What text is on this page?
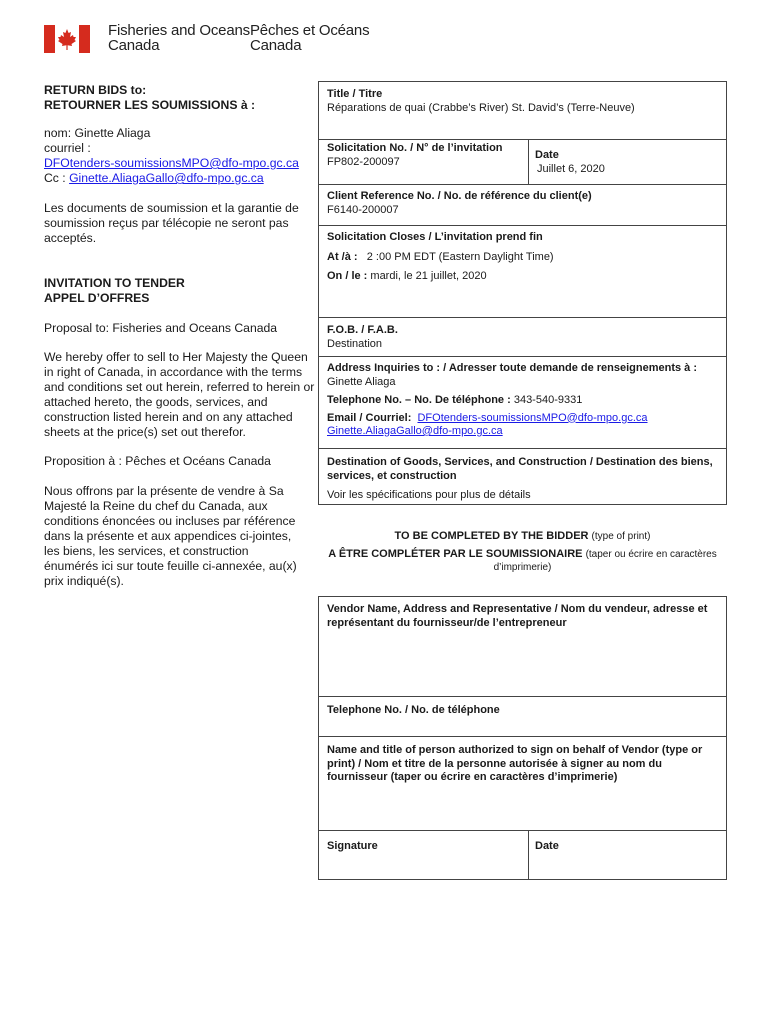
Fisheries and Oceans
Canada
Pêches et Océans
Canada
RETURN BIDS to:
RETOURNER LES SOUMISSIONS à :
nom: Ginette Aliaga
courriel :
DFOtenders-soumissionsMPO@dfo-mpo.gc.ca
Cc : Ginette.AliagaGallo@dfo-mpo.gc.ca
Les documents de soumission et la garantie de soumission reçus par télécopie ne seront pas acceptés.
INVITATION TO TENDER
APPEL D’OFFRES
Proposal to: Fisheries and Oceans Canada
We hereby offer to sell to Her Majesty the Queen in right of Canada, in accordance with the terms and conditions set out herein, referred to herein or attached hereto, the goods, services, and construction listed herein and on any attached sheets at the price(s) set out therefor.
Proposition à : Pêches et Océans Canada
Nous offrons par la présente de vendre à Sa Majesté la Reine du chef du Canada, aux conditions énoncées ou incluses par référence dans la présente et aux appendices ci-jointes, les biens, les services, et construction énumérés ici sur toute feuille ci-annexée, au(x) prix indiqué(s).
Title / Titre
Réparations de quai (Crabbe’s River) St. David’s (Terre-Neuve)
Solicitation No. / N° de l’invitation
FP802-200097
Date
Juillet 6, 2020
Client Reference No. / No. de référence du client(e)
F6140-200007
Solicitation Closes / L’invitation prend fin
At /à : 2 :00 PM EDT (Eastern Daylight Time)
On / le : mardi, le 21 juillet, 2020
F.O.B. / F.A.B.
Destination
Address Inquiries to : / Adresser toute demande de renseignements à :
Ginette Aliaga
Telephone No. – No. De téléphone : 343-540-9331
Email / Courriel: DFOtenders-soumissionsMPO@dfo-mpo.gc.ca
Ginette.AliagaGallo@dfo-mpo.gc.ca
Destination of Goods, Services, and Construction / Destination des biens, services, et construction
Voir les spécifications pour plus de détails
TO BE COMPLETED BY THE BIDDER (type of print)
A ÊTRE COMPLÉTER PAR LE SOUMISSIONAIRE (taper ou écrire en caractères d’imprimerie)
Vendor Name, Address and Representative / Nom du vendeur, adresse et représentant du fournisseur/de l’entrepreneur
Telephone No. / No. de téléphone
Name and title of person authorized to sign on behalf of Vendor (type or print) / Nom et titre de la personne autorisée à signer au nom du fournisseur (taper ou écrire en caractères d’imprimerie)
Signature	Date
